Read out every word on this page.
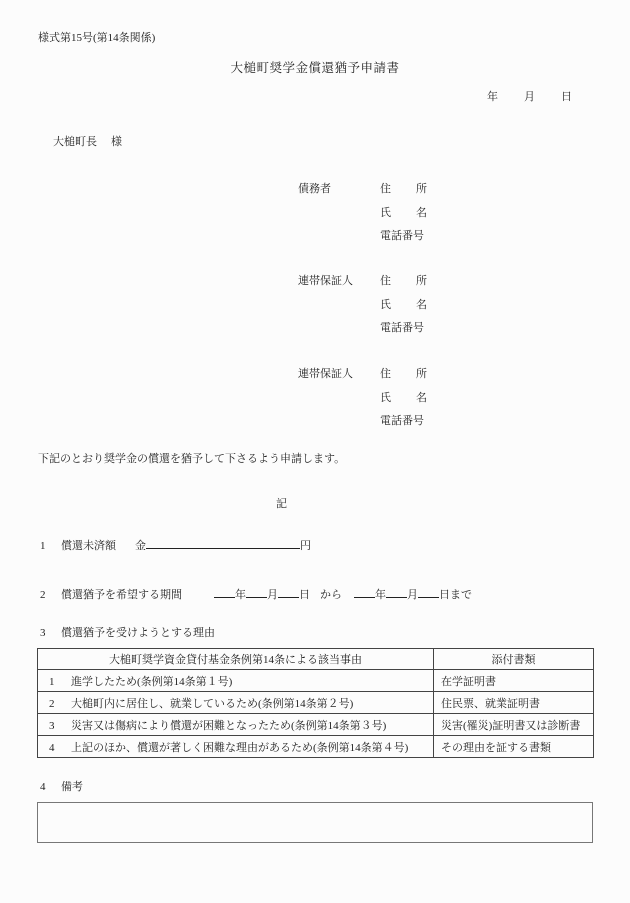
様式第15号(第14条関係)
大槌町奨学金償還猶予申請書
年 月 日
大槌町長 様
債務者	住　所
氏　名
電話番号
連帯保証人	住　所
氏　名
電話番号
連帯保証人	住　所
氏　名
電話番号
下記のとおり奨学金の償還を猶予して下さるよう申請します。
記
1 償還未済額 金	円
2 償還猶予を希望する期間	年 月 日 から	年 月 日まで
3 償還猶予を受けようとする理由
大槌町奨学資金貸付基金条例第14条による該当事由	添付書類
1 進学したため(条例第14条第１号)	在学証明書
2 大槌町内に居住し、就業しているため(条例第14条第２号)	住民票、就業証明書
3 災害又は傷病により償還が困難となったため(条例第14条第３号)	災害(罹災)証明書又は診断書
4 上記のほか、償還が著しく困難な理由があるため(条例第14条第４号)	その理由を証する書類
4 備考
